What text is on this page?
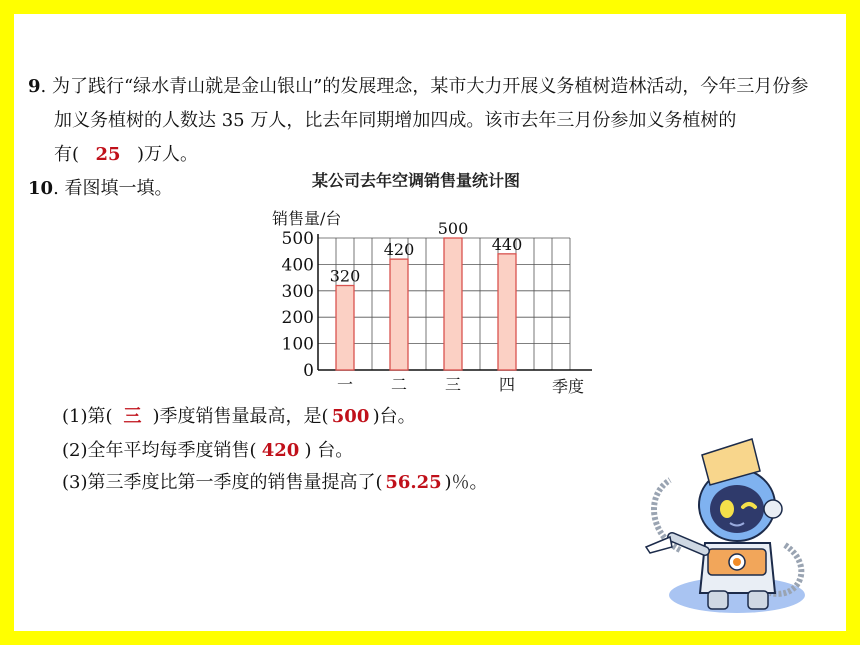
9. 为了践行“绿水青山就是金山银山”的发展理念，某市大力开展义务植树造林活动，今年三月份参
加义务植树的人数达 35 万人，比去年同期增加四成。该市去年三月份参加义务植树的
有( 25 )万人。
10. 看图填一填。	某公司去年空调销售量统计图
0
100
200
300
400
500
销售量/台
季度
320
一
420
二
500
三
440
四
(1)第( 三 )季度销售量最高，是( 500 )台。
(2)全年平均每季度销售( 420 ) 台。
(3)第三季度比第一季度的销售量提高了( 56.25 )％。
